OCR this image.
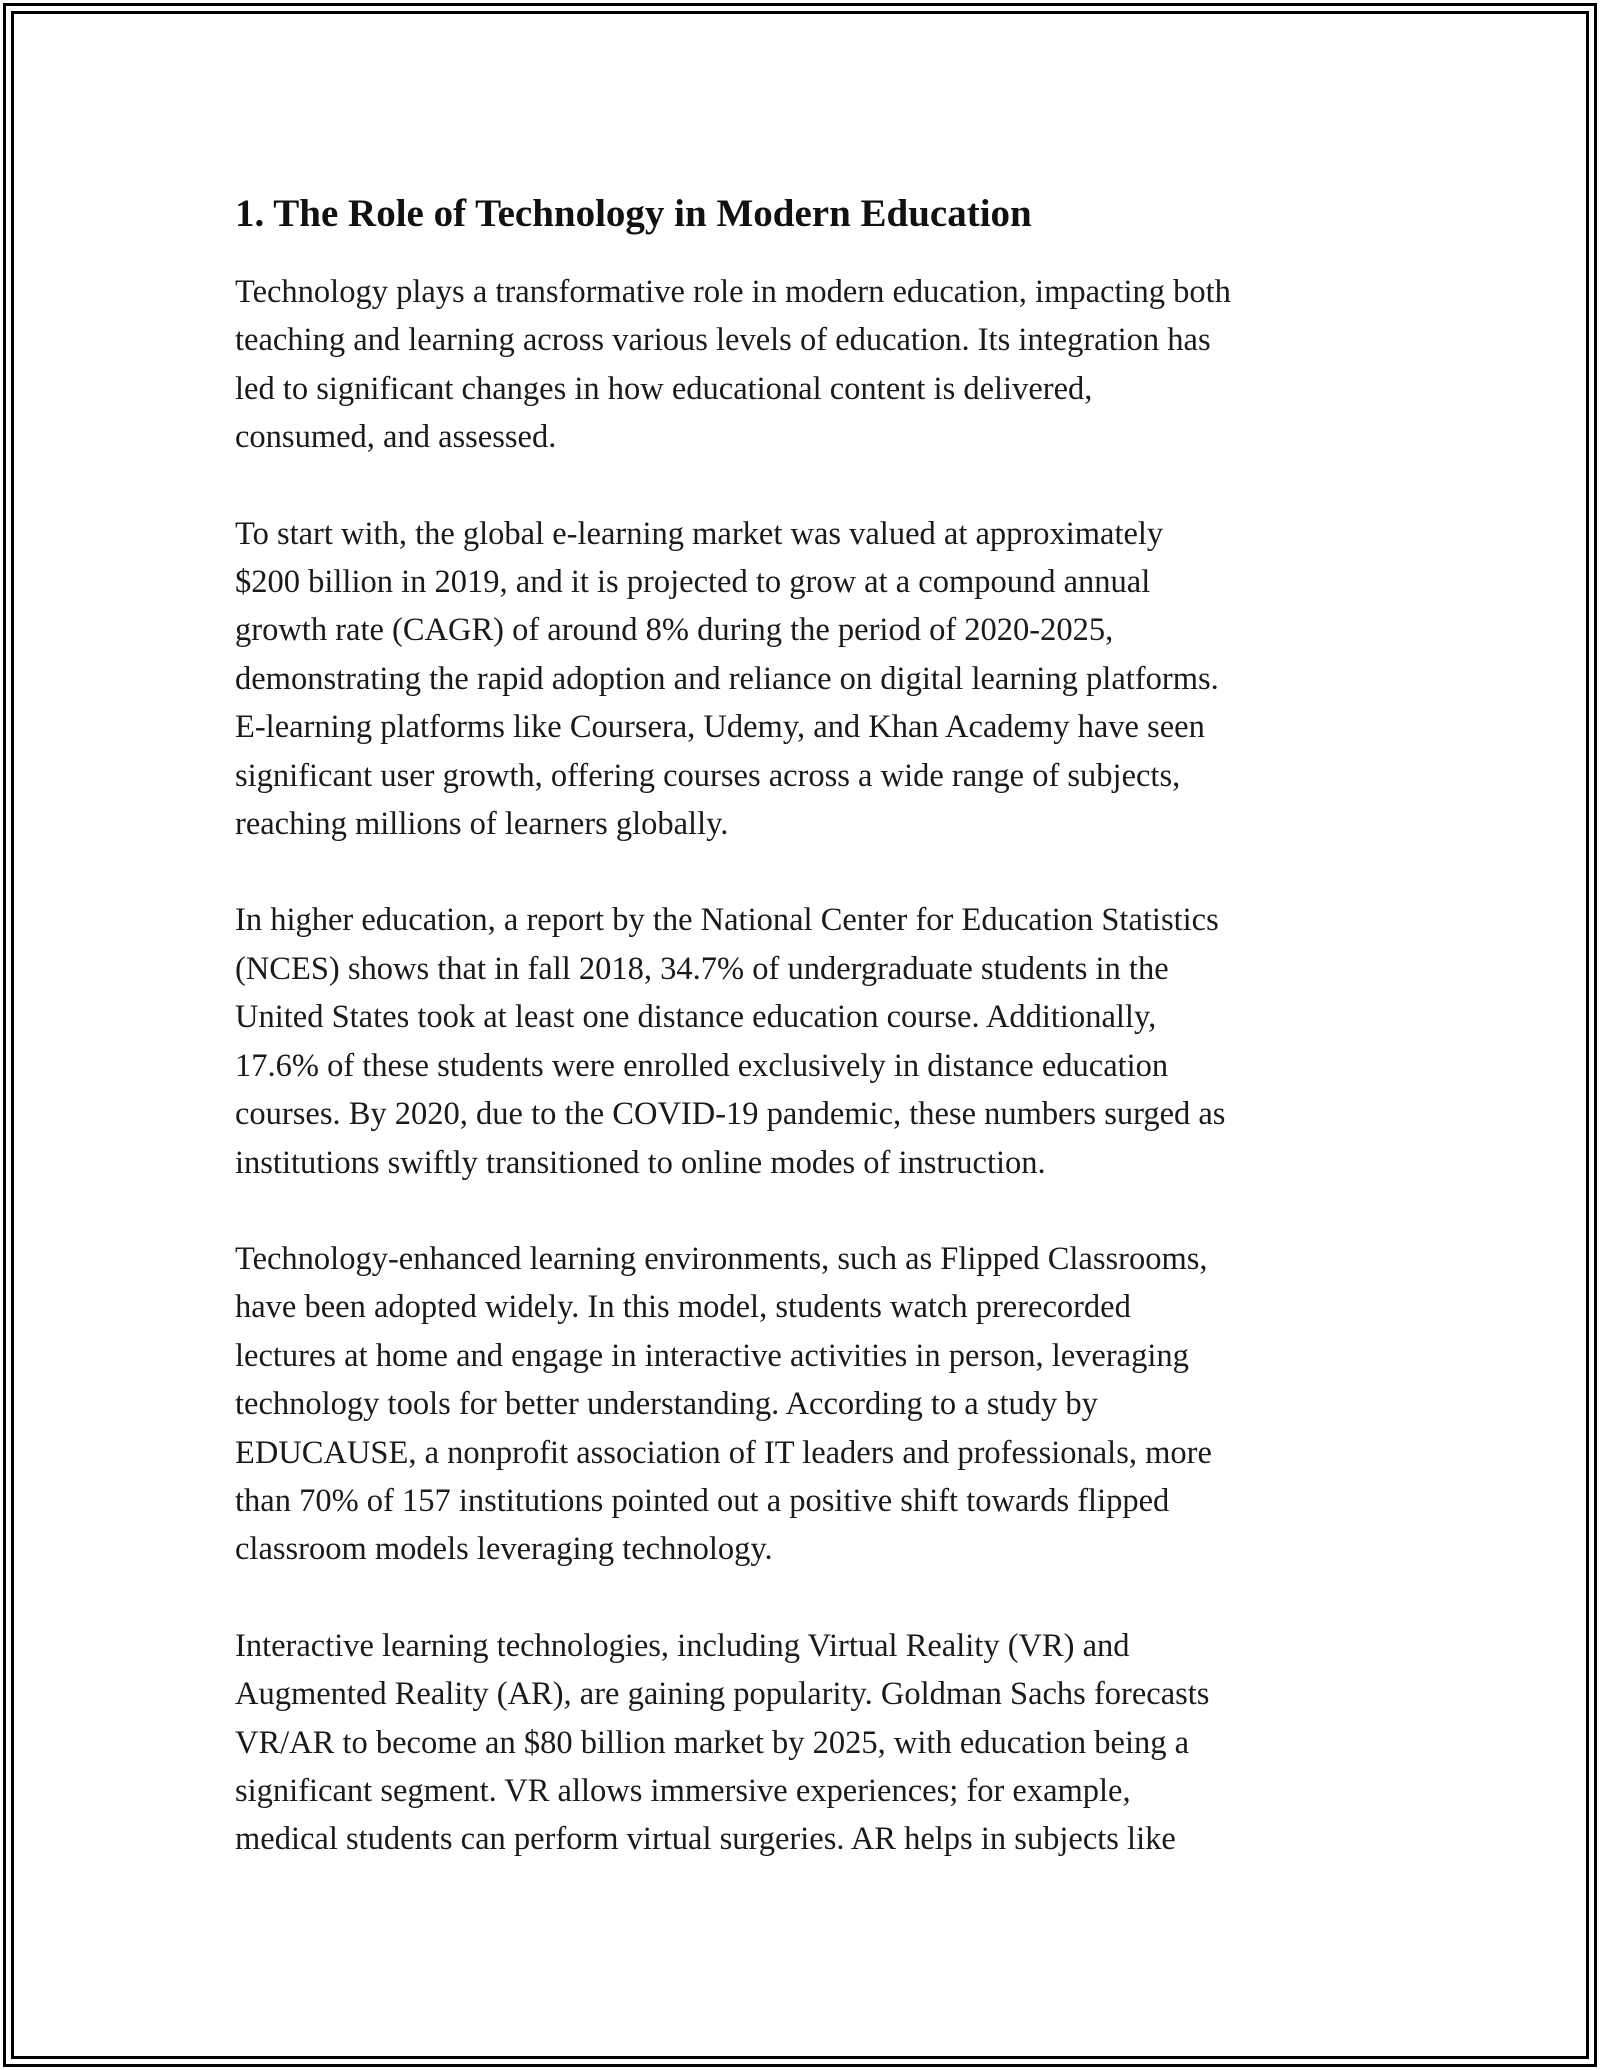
1. The Role of Technology in Modern Education

Technology plays a transformative role in modern education, impacting both
teaching and learning across various levels of education. Its integration has
led to significant changes in how educational content is delivered,
consumed, and assessed.

To start with, the global e-learning market was valued at approximately
$200 billion in 2019, and it is projected to grow at a compound annual
growth rate (CAGR) of around 8% during the period of 2020-2025,
demonstrating the rapid adoption and reliance on digital learning platforms.
E-learning platforms like Coursera, Udemy, and Khan Academy have seen
significant user growth, offering courses across a wide range of subjects,
reaching millions of learners globally.

In higher education, a report by the National Center for Education Statistics
(NCES) shows that in fall 2018, 34.7% of undergraduate students in the
United States took at least one distance education course. Additionally,
17.6% of these students were enrolled exclusively in distance education
courses. By 2020, due to the COVID-19 pandemic, these numbers surged as
institutions swiftly transitioned to online modes of instruction.

Technology-enhanced learning environments, such as Flipped Classrooms,
have been adopted widely. In this model, students watch prerecorded
lectures at home and engage in interactive activities in person, leveraging
technology tools for better understanding. According to a study by
EDUCAUSE, a nonprofit association of IT leaders and professionals, more
than 70% of 157 institutions pointed out a positive shift towards flipped
classroom models leveraging technology.

Interactive learning technologies, including Virtual Reality (VR) and
Augmented Reality (AR), are gaining popularity. Goldman Sachs forecasts
VR/AR to become an $80 billion market by 2025, with education being a
significant segment. VR allows immersive experiences; for example,
medical students can perform virtual surgeries. AR helps in subjects like
